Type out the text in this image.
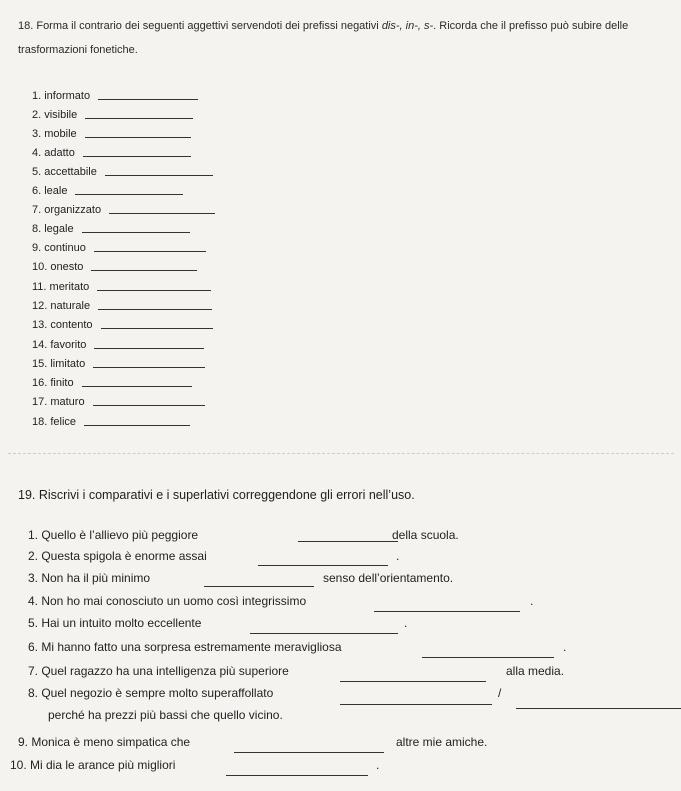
18. Forma il contrario dei seguenti aggettivi servendoti dei prefissi negativi dis-, in-, s-. Ricorda che il prefisso può subire delle trasformazioni fonetiche.
1. informato
2. visibile
3. mobile
4. adatto
5. accettabile
6. leale
7. organizzato
8. legale
9. continuo
10. onesto
11. meritato
12. naturale
13. contento
14. favorito
15. limitato
16. finito
17. maturo
18. felice
19. Riscrivi i comparativi e i superlativi correggendone gli errori nell’uso.
1. Quello è l’allievo più peggiore	della scuola.
2. Questa spigola è enorme assai	.
3. Non ha il più minimo	senso dell’orientamento.
4. Non ho mai conosciuto un uomo così integrissimo	.
5. Hai un intuito molto eccellente	.
6. Mi hanno fatto una sorpresa estremamente meravigliosa	.
7. Quel ragazzo ha una intelligenza più superiore	alla media.
8. Quel negozio è sempre molto superaffollato	/
perché ha prezzi più bassi che quello vicino.
9. Monica è meno simpatica che	altre mie amiche.
10. Mi dia le arance più migliori	.
